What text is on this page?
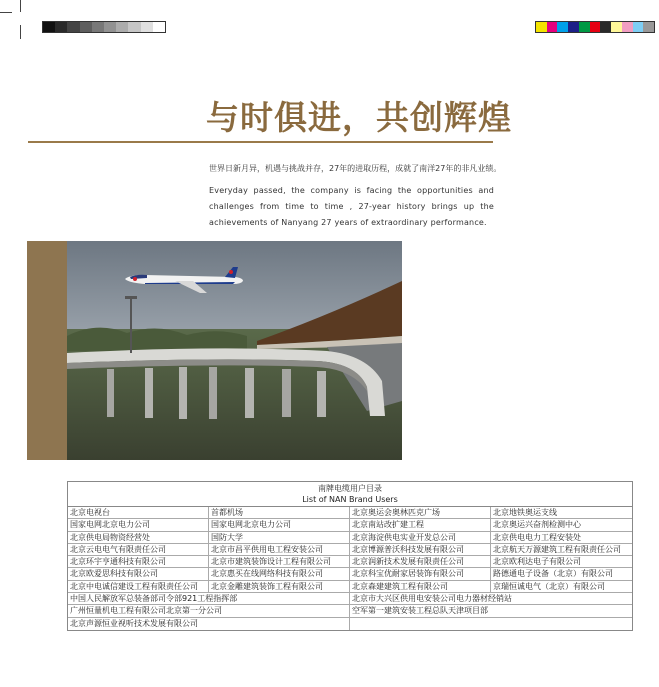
与时俱进，共创辉煌
世界日新月异，机遇与挑战并存，27年的进取历程，成就了南洋27年的非凡业绩。
Everyday passed, the company is facing the opportunities and challenges from time to time , 27-year history brings up the achievements of Nanyang 27 years of extraordinary performance.
南牌电缆用户：北京首都机场
NAN Brand User: Beijing Capital Airport
南牌电缆用户目录
List of NAN Brand Users
北京电视台	首都机场	北京奥运会奥林匹克广场	北京地铁奥运支线
国家电网北京电力公司	国家电网北京电力公司	北京南站改扩建工程	北京奥运兴奋剂检测中心
北京供电局物资经营处	国防大学	北京海淀供电实业开发总公司	北京供电电力工程安装处
北京云电电气有限责任公司	北京市昌平供用电工程安装公司	北京博源普沃科技发展有限公司	北京航天万源建筑工程有限责任公司
北京环宇亨通科技有限公司	北京市建筑装饰设计工程有限公司	北京润新技术发展有限责任公司	北京欧利达电子有限公司
北京欧爱思科技有限公司	北京惠买在线网络科技有限公司	北京科宝优耐家居装饰有限公司	路德通电子设备（北京）有限公司
北京中电诚信建设工程有限责任公司	北京金雕建筑装饰工程有限公司	北京森建建筑工程有限公司	京瑞恒诚电气（北京）有限公司
中国人民解放军总装备部司令部921工程指挥部	北京市大兴区供用电安装公司电力器材经销站
广州恒量机电工程有限公司北京第一分公司	空军第一建筑安装工程总队天津项目部
北京声源恒业视听技术发展有限公司
